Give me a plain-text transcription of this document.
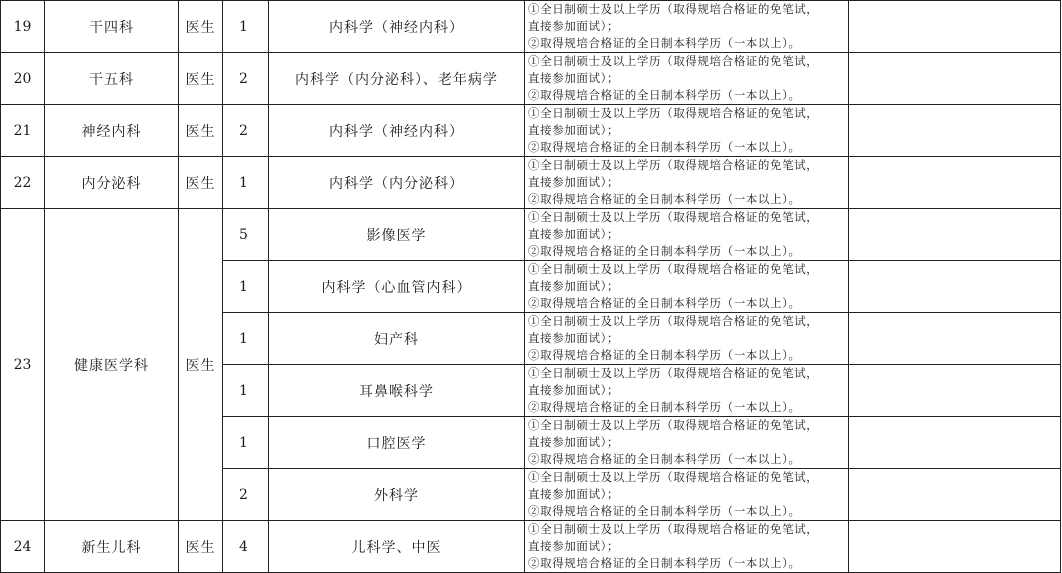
19	干四科	医生	1	内科学（神经内科）	①全日制硕士及以上学历（取得规培合格证的免笔试，
直接参加面试）；
②取得规培合格证的全日制本科学历（一本以上）。	

20	干五科	医生	2	内科学（内分泌科）、老年病学	①全日制硕士及以上学历（取得规培合格证的免笔试，
直接参加面试）；
②取得规培合格证的全日制本科学历（一本以上）。	

21	神经内科	医生	2	内科学（神经内科）	①全日制硕士及以上学历（取得规培合格证的免笔试，
直接参加面试）；
②取得规培合格证的全日制本科学历（一本以上）。	

22	内分泌科	医生	1	内科学（内分泌科）	①全日制硕士及以上学历（取得规培合格证的免笔试，
直接参加面试）；
②取得规培合格证的全日制本科学历（一本以上）。	

23	健康医学科	医生	5	影像医学	①全日制硕士及以上学历（取得规培合格证的免笔试，
直接参加面试）；
②取得规培合格证的全日制本科学历（一本以上）。	

			1	内科学（心血管内科）	①全日制硕士及以上学历（取得规培合格证的免笔试，
直接参加面试）；
②取得规培合格证的全日制本科学历（一本以上）。	

			1	妇产科	①全日制硕士及以上学历（取得规培合格证的免笔试，
直接参加面试）；
②取得规培合格证的全日制本科学历（一本以上）。	

			1	耳鼻喉科学	①全日制硕士及以上学历（取得规培合格证的免笔试，
直接参加面试）；
②取得规培合格证的全日制本科学历（一本以上）。	

			1	口腔医学	①全日制硕士及以上学历（取得规培合格证的免笔试，
直接参加面试）；
②取得规培合格证的全日制本科学历（一本以上）。	

			2	外科学	①全日制硕士及以上学历（取得规培合格证的免笔试，
直接参加面试）；
②取得规培合格证的全日制本科学历（一本以上）。	

24	新生儿科	医生	4	儿科学、中医	①全日制硕士及以上学历（取得规培合格证的免笔试，
直接参加面试）；
②取得规培合格证的全日制本科学历（一本以上）。	
